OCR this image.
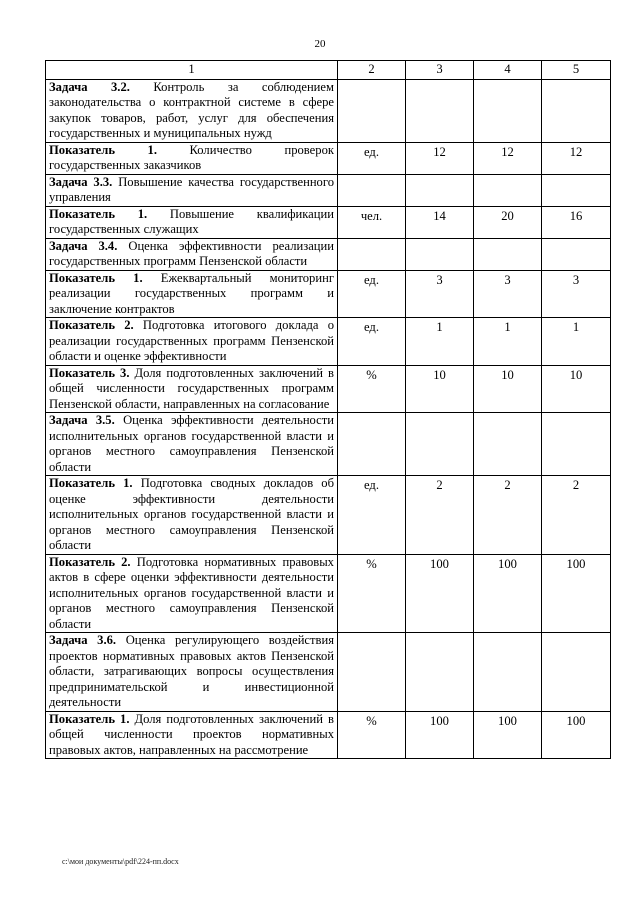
20
1	2	3	4	5
Задача 3.2. Контроль за соблюдением законодательства о контрактной системе в сфере закупок товаров, работ, услуг для обеспечения государственных и муниципальных нужд				
Показатель 1. Количество проверок государственных заказчиков	ед.	12	12	12
Задача 3.3. Повышение качества государственного управления				
Показатель 1. Повышение квалификации государственных служащих	чел.	14	20	16
Задача 3.4. Оценка эффективности реализации государственных программ Пензенской области				
Показатель 1. Ежеквартальный мониторинг реализации государственных программ и заключение контрактов	ед.	3	3	3
Показатель 2. Подготовка итогового доклада о реализации государственных программ Пензенской области и оценке эффективности	ед.	1	1	1
Показатель 3. Доля подготовленных заключений в общей численности государственных программ Пензенской области, направленных на согласование	%	10	10	10
Задача 3.5. Оценка эффективности деятельности исполнительных органов государственной власти и органов местного самоуправления Пензенской области				
Показатель 1. Подготовка сводных докладов об оценке эффективности деятельности исполнительных органов государственной власти и органов местного самоуправления Пензенской области	ед.	2	2	2
Показатель 2. Подготовка нормативных правовых актов в сфере оценки эффективности деятельности исполнительных органов государственной власти и органов местного самоуправления Пензенской области	%	100	100	100
Задача 3.6. Оценка регулирующего воздействия проектов нормативных правовых актов Пензенской области, затрагивающих вопросы осуществления предпринимательской и инвестиционной деятельности				
Показатель 1. Доля подготовленных заключений в общей численности проектов нормативных правовых актов, направленных на рассмотрение	%	100	100	100
c:\мои документы\pdf\224-пп.docx
